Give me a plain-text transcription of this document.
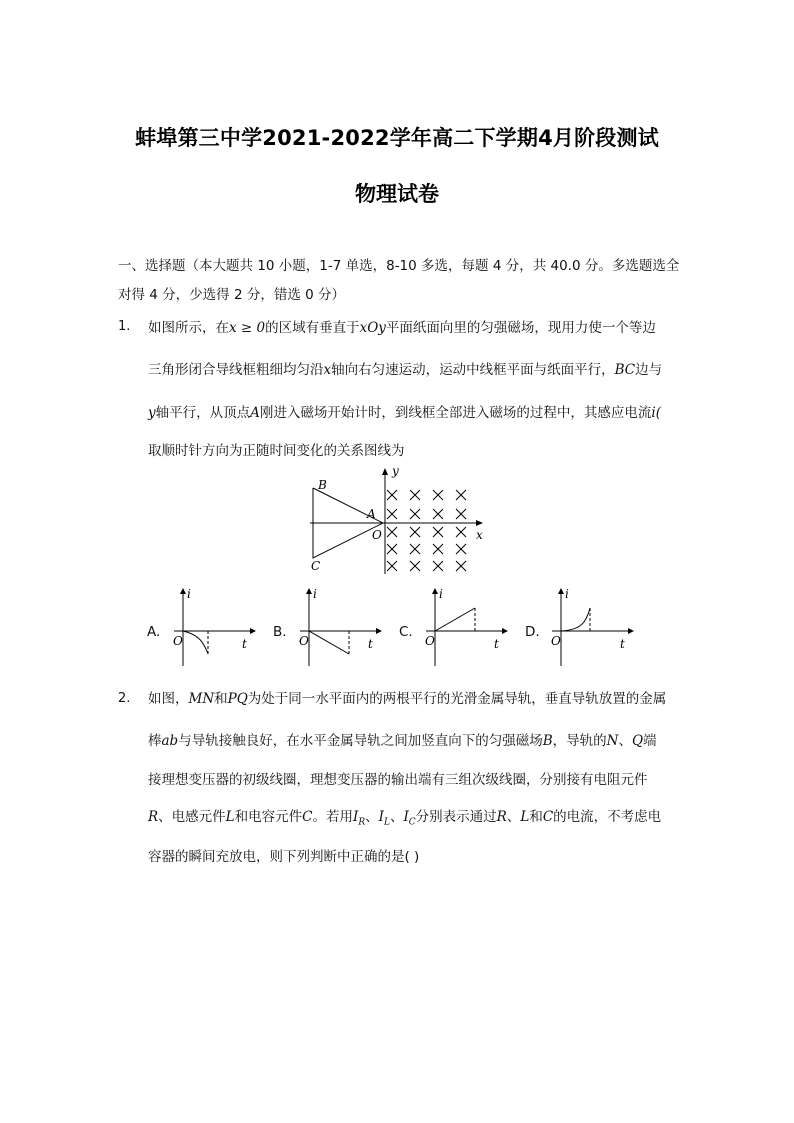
蚌埠第三中学2021-2022学年高二下学期4月阶段测试
物理试卷
一、选择题（本大题共 10 小题，1-7 单选，8-10 多选，每题 4 分，共 40.0 分。多选题选全
对得 4 分，少选得 2 分，错选 0 分）
1. 如图所示，在x ≥ 0的区域有垂直于xOy平面纸面向里的匀强磁场，现用力使一个等边
三角形闭合导线框粗细均匀沿x轴向右匀速运动，运动中线框平面与纸面平行，BC边与
y轴平行，从顶点A刚进入磁场开始计时，到线框全部进入磁场的过程中，其感应电流i(
取顺时针方向为正随时间变化的关系图线为
B
C
A
O	x
y
A.
i
O	t
B.
i
O	t
C.
i
O	t
D.
i
O	t
2. 如图，MN和PQ为处于同一水平面内的两根平行的光滑金属导轨，垂直导轨放置的金属
棒ab与导轨接触良好，在水平金属导轨之间加竖直向下的匀强磁场B，导轨的N、Q端
接理想变压器的初级线圈，理想变压器的输出端有三组次级线圈，分别接有电阻元件
R、电感元件L和电容元件C。若用$I_R$、$I_L$、$I_C$分别表示通过R、L和C的电流，不考虑电
容器的瞬间充放电，则下列判断中正确的是( )
